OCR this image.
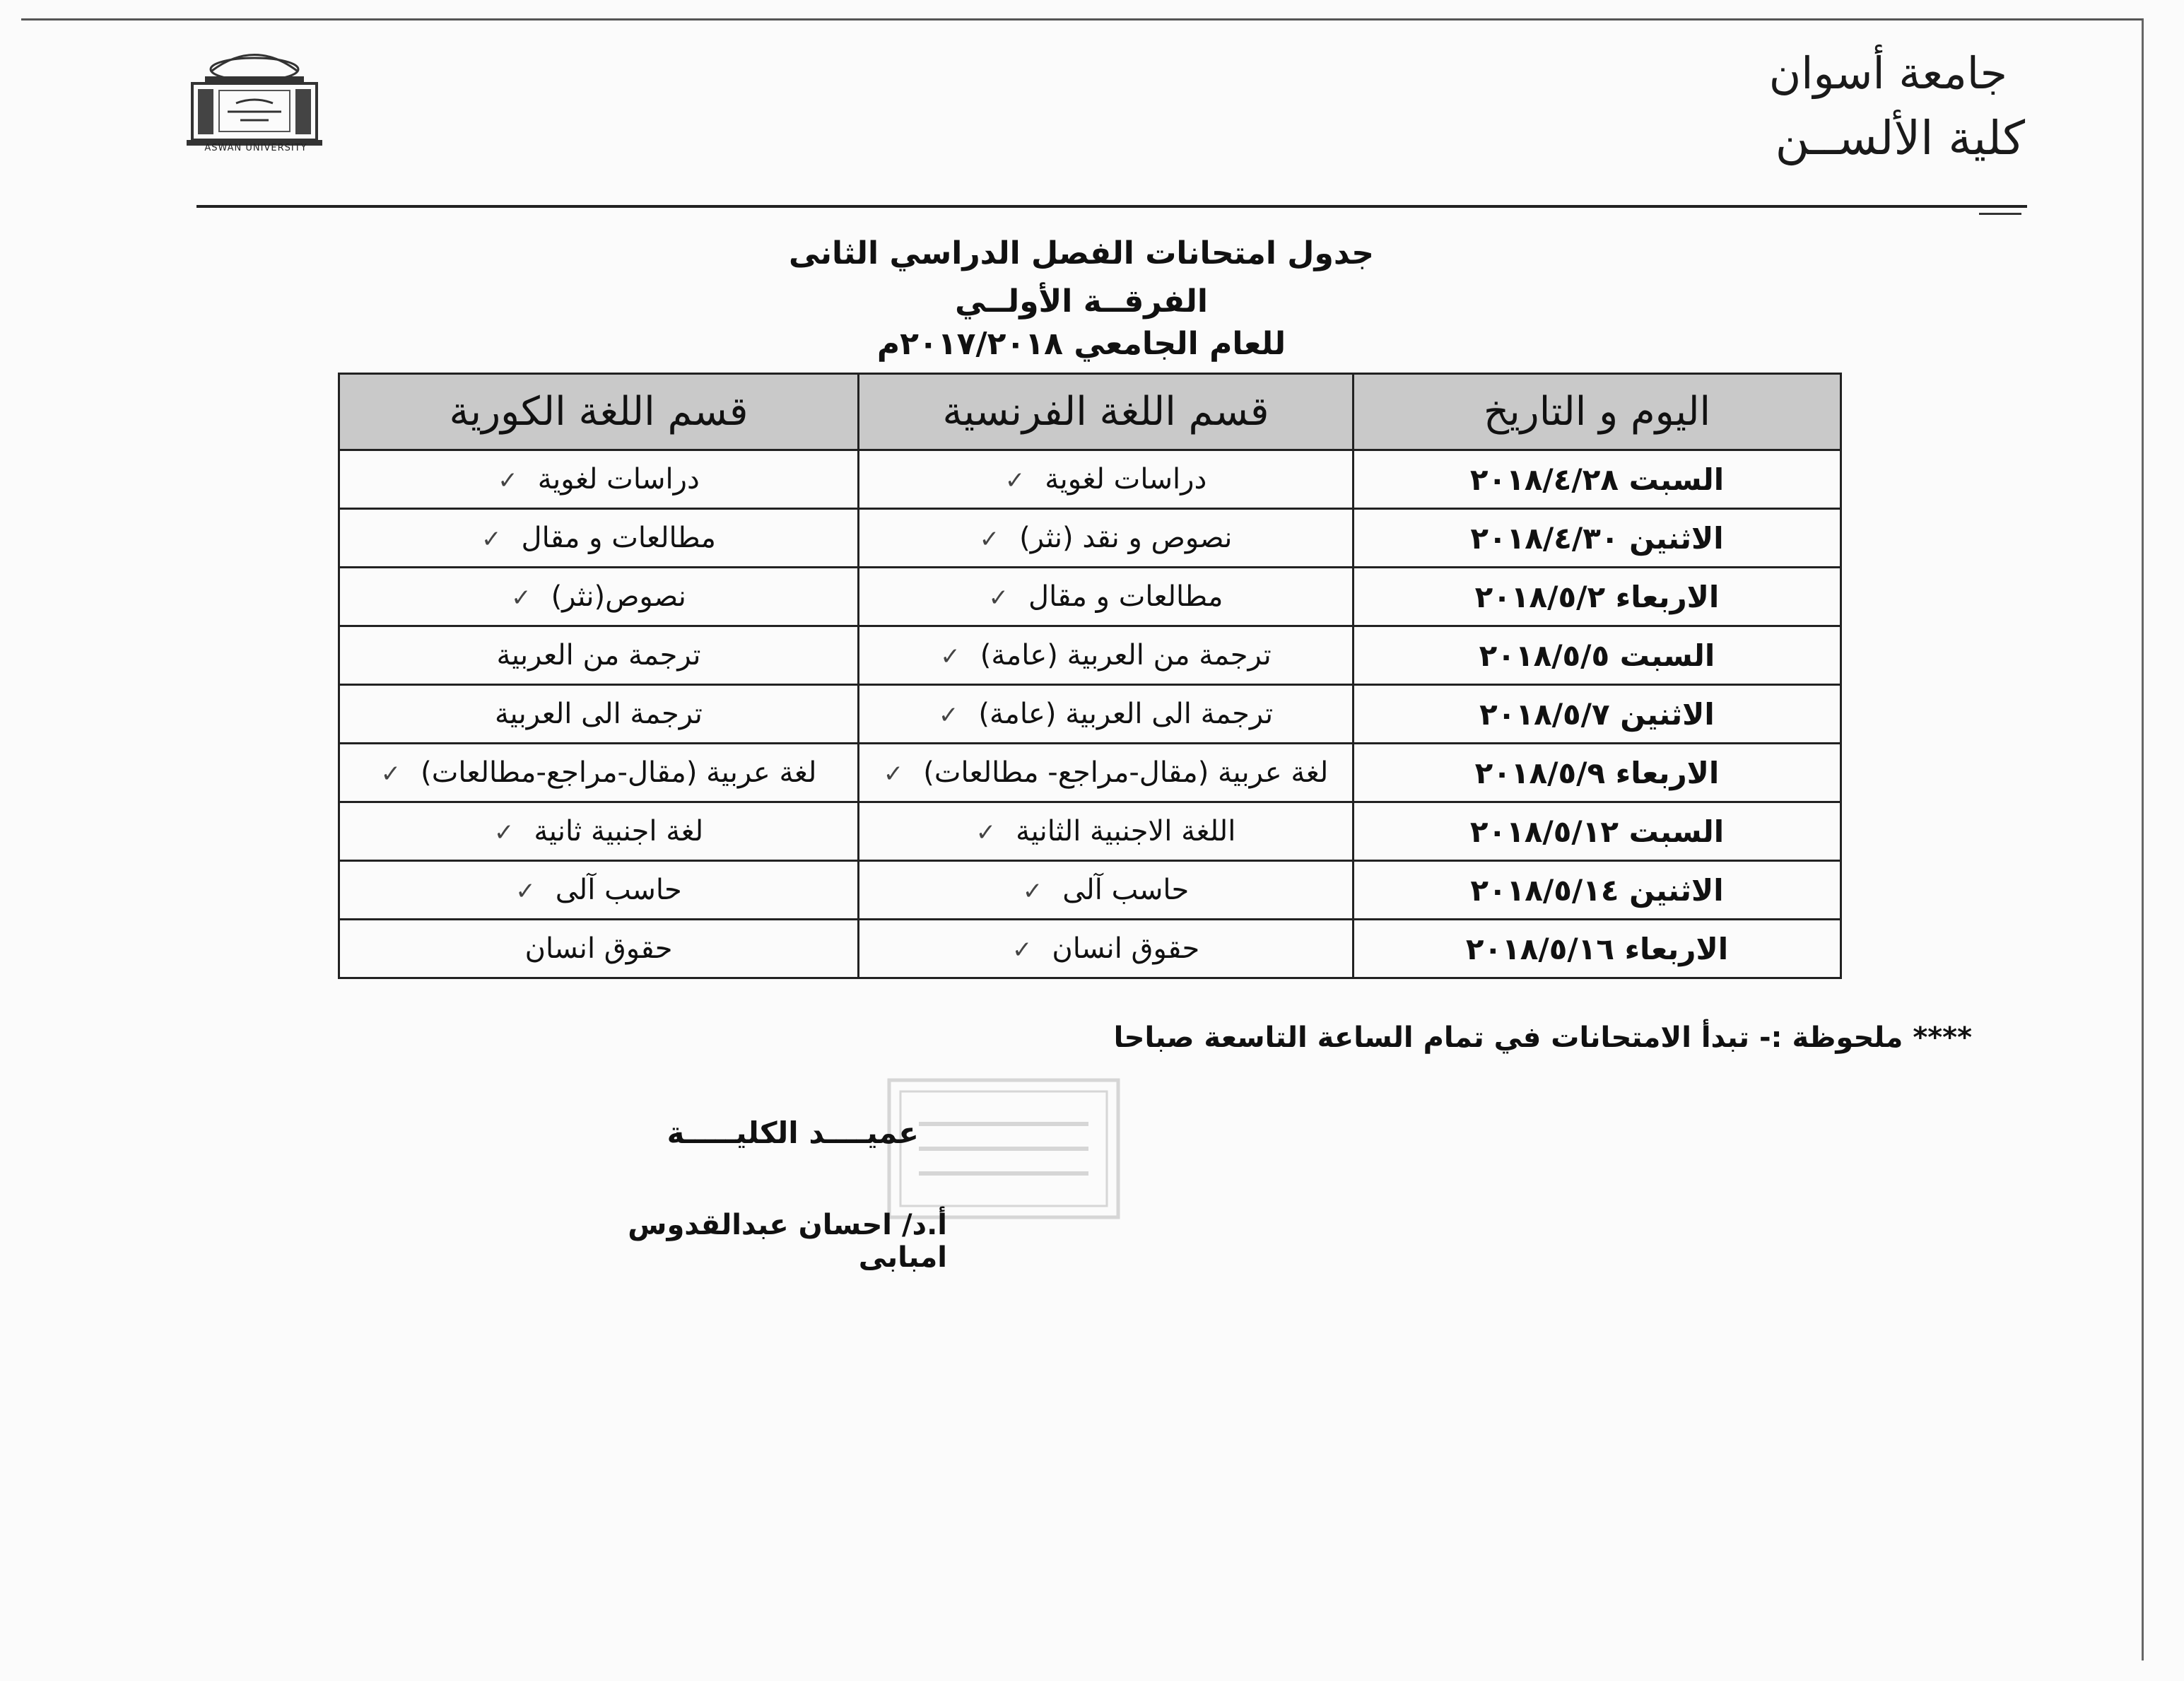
جامعة أسوان
كلية الألســن
ASWAN UNIVERSITY
جدول امتحانات الفصل الدراسي الثانى
الفرقــة الأولــي
للعام الجامعي ٢٠١٧/٢٠١٨م
اليوم و التاريخ	قسم اللغة الفرنسية	قسم اللغة الكورية
السبت ٢٠١٨/٤/٢٨	دراسات لغوية✓	دراسات لغوية✓
الاثنين ٢٠١٨/٤/٣٠	نصوص و نقد (نثر)✓	مطالعات و مقال✓
الاربعاء ٢٠١٨/٥/٢	مطالعات و مقال✓	نصوص(نثر)✓
السبت ٢٠١٨/٥/٥	ترجمة من العربية (عامة)✓	ترجمة من العربية
الاثنين ٢٠١٨/٥/٧	ترجمة الى العربية (عامة)✓	ترجمة الى العربية
الاربعاء ٢٠١٨/٥/٩	لغة عربية (مقال-مراجع- مطالعات)✓	لغة عربية (مقال-مراجع-مطالعات)✓
السبت ٢٠١٨/٥/١٢	اللغة الاجنبية الثانية✓	لغة اجنبية ثانية✓
الاثنين ٢٠١٨/٥/١٤	حاسب آلى✓	حاسب آلى✓
الاربعاء ٢٠١٨/٥/١٦	حقوق انسان✓	حقوق انسان
**** ملحوظة :- تبدأ الامتحانات في تمام الساعة التاسعة صباحا
عميــــد الكليـــــة
أ.د/ احسان عبدالقدوس امبابى
